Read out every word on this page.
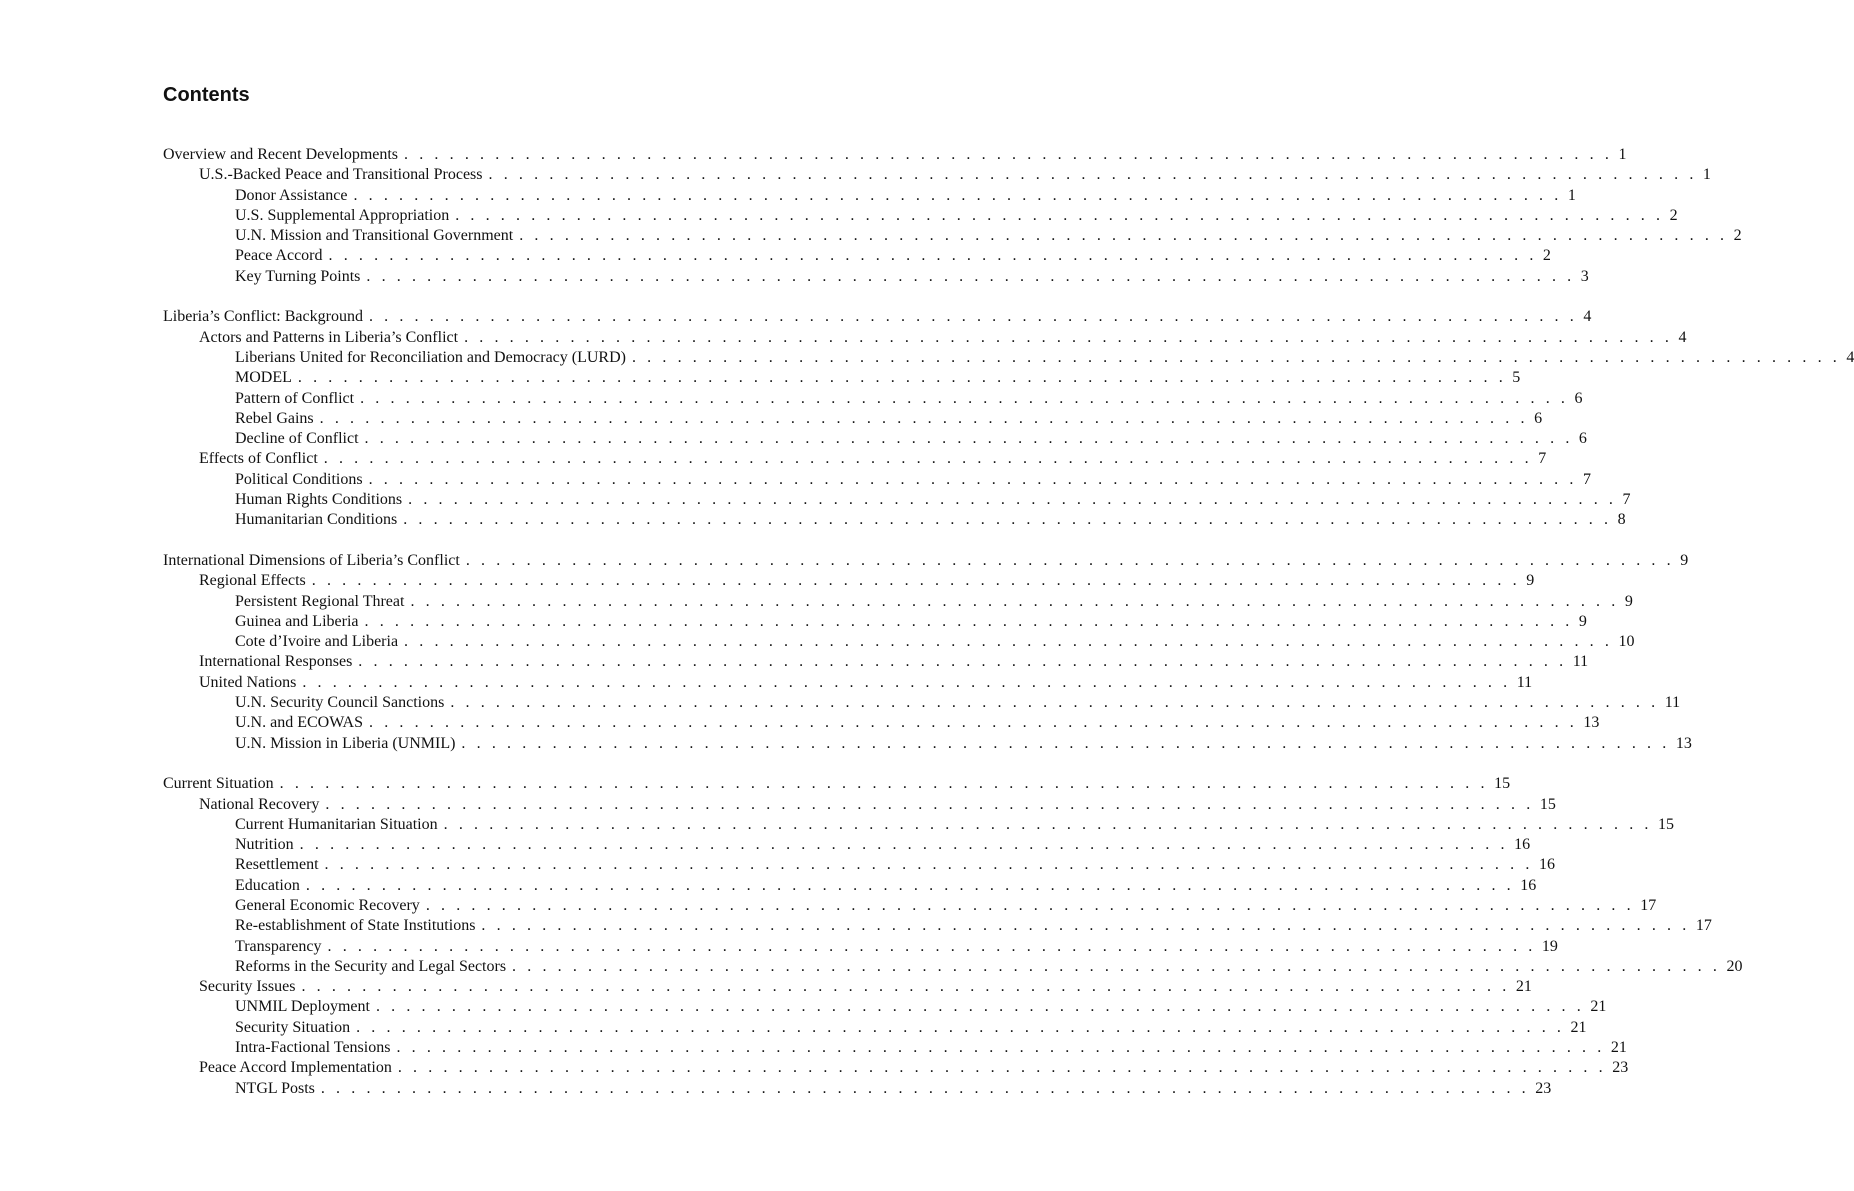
Contents
Overview and Recent Developments . . . . . . . . . . . . . . . . . . . . . . . . . . . . . . . . . . . . . . . . . . . . . . . . . . . . . . . . . . . . . . . . . . . . . . . . . . . . . . . . 1
U.S.-Backed Peace and Transitional Process . . . . . . . . . . . . . . . . . . . . . . . . . . . . . . . . . . . . . . . . . . . . . . . . . . . . . . . . . . . . . . . . . . . . . . . . . . . . . . . . 1
Donor Assistance . . . . . . . . . . . . . . . . . . . . . . . . . . . . . . . . . . . . . . . . . . . . . . . . . . . . . . . . . . . . . . . . . . . . . . . . . . . . . . . . 1
U.S. Supplemental Appropriation . . . . . . . . . . . . . . . . . . . . . . . . . . . . . . . . . . . . . . . . . . . . . . . . . . . . . . . . . . . . . . . . . . . . . . . . . . . . . . . . 2
U.N. Mission and Transitional Government . . . . . . . . . . . . . . . . . . . . . . . . . . . . . . . . . . . . . . . . . . . . . . . . . . . . . . . . . . . . . . . . . . . . . . . . . . . . . . . . 2
Peace Accord . . . . . . . . . . . . . . . . . . . . . . . . . . . . . . . . . . . . . . . . . . . . . . . . . . . . . . . . . . . . . . . . . . . . . . . . . . . . . . . . 2
Key Turning Points . . . . . . . . . . . . . . . . . . . . . . . . . . . . . . . . . . . . . . . . . . . . . . . . . . . . . . . . . . . . . . . . . . . . . . . . . . . . . . . . 3
Liberia’s Conflict: Background . . . . . . . . . . . . . . . . . . . . . . . . . . . . . . . . . . . . . . . . . . . . . . . . . . . . . . . . . . . . . . . . . . . . . . . . . . . . . . . . 4
Actors and Patterns in Liberia’s Conflict . . . . . . . . . . . . . . . . . . . . . . . . . . . . . . . . . . . . . . . . . . . . . . . . . . . . . . . . . . . . . . . . . . . . . . . . . . . . . . . . 4
Liberians United for Reconciliation and Democracy (LURD) . . . . . . . . . . . . . . . . . . . . . . . . . . . . . . . . . . . . . . . . . . . . . . . . . . . . . . . . . . . . . . . . . . . . . . . . . . . . . . . . 4
MODEL . . . . . . . . . . . . . . . . . . . . . . . . . . . . . . . . . . . . . . . . . . . . . . . . . . . . . . . . . . . . . . . . . . . . . . . . . . . . . . . . 5
Pattern of Conflict . . . . . . . . . . . . . . . . . . . . . . . . . . . . . . . . . . . . . . . . . . . . . . . . . . . . . . . . . . . . . . . . . . . . . . . . . . . . . . . . 6
Rebel Gains . . . . . . . . . . . . . . . . . . . . . . . . . . . . . . . . . . . . . . . . . . . . . . . . . . . . . . . . . . . . . . . . . . . . . . . . . . . . . . . . 6
Decline of Conflict . . . . . . . . . . . . . . . . . . . . . . . . . . . . . . . . . . . . . . . . . . . . . . . . . . . . . . . . . . . . . . . . . . . . . . . . . . . . . . . . 6
Effects of Conflict . . . . . . . . . . . . . . . . . . . . . . . . . . . . . . . . . . . . . . . . . . . . . . . . . . . . . . . . . . . . . . . . . . . . . . . . . . . . . . . . 7
Political Conditions . . . . . . . . . . . . . . . . . . . . . . . . . . . . . . . . . . . . . . . . . . . . . . . . . . . . . . . . . . . . . . . . . . . . . . . . . . . . . . . . 7
Human Rights Conditions . . . . . . . . . . . . . . . . . . . . . . . . . . . . . . . . . . . . . . . . . . . . . . . . . . . . . . . . . . . . . . . . . . . . . . . . . . . . . . . . 7
Humanitarian Conditions . . . . . . . . . . . . . . . . . . . . . . . . . . . . . . . . . . . . . . . . . . . . . . . . . . . . . . . . . . . . . . . . . . . . . . . . . . . . . . . . 8
International Dimensions of Liberia’s Conflict . . . . . . . . . . . . . . . . . . . . . . . . . . . . . . . . . . . . . . . . . . . . . . . . . . . . . . . . . . . . . . . . . . . . . . . . . . . . . . . . 9
Regional Effects . . . . . . . . . . . . . . . . . . . . . . . . . . . . . . . . . . . . . . . . . . . . . . . . . . . . . . . . . . . . . . . . . . . . . . . . . . . . . . . . 9
Persistent Regional Threat . . . . . . . . . . . . . . . . . . . . . . . . . . . . . . . . . . . . . . . . . . . . . . . . . . . . . . . . . . . . . . . . . . . . . . . . . . . . . . . . 9
Guinea and Liberia . . . . . . . . . . . . . . . . . . . . . . . . . . . . . . . . . . . . . . . . . . . . . . . . . . . . . . . . . . . . . . . . . . . . . . . . . . . . . . . . 9
Cote d’Ivoire and Liberia . . . . . . . . . . . . . . . . . . . . . . . . . . . . . . . . . . . . . . . . . . . . . . . . . . . . . . . . . . . . . . . . . . . . . . . . . . . . . . . . 10
International Responses . . . . . . . . . . . . . . . . . . . . . . . . . . . . . . . . . . . . . . . . . . . . . . . . . . . . . . . . . . . . . . . . . . . . . . . . . . . . . . . . 11
United Nations . . . . . . . . . . . . . . . . . . . . . . . . . . . . . . . . . . . . . . . . . . . . . . . . . . . . . . . . . . . . . . . . . . . . . . . . . . . . . . . . 11
U.N. Security Council Sanctions . . . . . . . . . . . . . . . . . . . . . . . . . . . . . . . . . . . . . . . . . . . . . . . . . . . . . . . . . . . . . . . . . . . . . . . . . . . . . . . . 11
U.N. and ECOWAS . . . . . . . . . . . . . . . . . . . . . . . . . . . . . . . . . . . . . . . . . . . . . . . . . . . . . . . . . . . . . . . . . . . . . . . . . . . . . . . . 13
U.N. Mission in Liberia (UNMIL) . . . . . . . . . . . . . . . . . . . . . . . . . . . . . . . . . . . . . . . . . . . . . . . . . . . . . . . . . . . . . . . . . . . . . . . . . . . . . . . . 13
Current Situation . . . . . . . . . . . . . . . . . . . . . . . . . . . . . . . . . . . . . . . . . . . . . . . . . . . . . . . . . . . . . . . . . . . . . . . . . . . . . . . . 15
National Recovery . . . . . . . . . . . . . . . . . . . . . . . . . . . . . . . . . . . . . . . . . . . . . . . . . . . . . . . . . . . . . . . . . . . . . . . . . . . . . . . . 15
Current Humanitarian Situation . . . . . . . . . . . . . . . . . . . . . . . . . . . . . . . . . . . . . . . . . . . . . . . . . . . . . . . . . . . . . . . . . . . . . . . . . . . . . . . . 15
Nutrition . . . . . . . . . . . . . . . . . . . . . . . . . . . . . . . . . . . . . . . . . . . . . . . . . . . . . . . . . . . . . . . . . . . . . . . . . . . . . . . . 16
Resettlement . . . . . . . . . . . . . . . . . . . . . . . . . . . . . . . . . . . . . . . . . . . . . . . . . . . . . . . . . . . . . . . . . . . . . . . . . . . . . . . . 16
Education . . . . . . . . . . . . . . . . . . . . . . . . . . . . . . . . . . . . . . . . . . . . . . . . . . . . . . . . . . . . . . . . . . . . . . . . . . . . . . . . 16
General Economic Recovery . . . . . . . . . . . . . . . . . . . . . . . . . . . . . . . . . . . . . . . . . . . . . . . . . . . . . . . . . . . . . . . . . . . . . . . . . . . . . . . . 17
Re-establishment of State Institutions . . . . . . . . . . . . . . . . . . . . . . . . . . . . . . . . . . . . . . . . . . . . . . . . . . . . . . . . . . . . . . . . . . . . . . . . . . . . . . . . 17
Transparency . . . . . . . . . . . . . . . . . . . . . . . . . . . . . . . . . . . . . . . . . . . . . . . . . . . . . . . . . . . . . . . . . . . . . . . . . . . . . . . . 19
Reforms in the Security and Legal Sectors . . . . . . . . . . . . . . . . . . . . . . . . . . . . . . . . . . . . . . . . . . . . . . . . . . . . . . . . . . . . . . . . . . . . . . . . . . . . . . . . 20
Security Issues . . . . . . . . . . . . . . . . . . . . . . . . . . . . . . . . . . . . . . . . . . . . . . . . . . . . . . . . . . . . . . . . . . . . . . . . . . . . . . . . 21
UNMIL Deployment . . . . . . . . . . . . . . . . . . . . . . . . . . . . . . . . . . . . . . . . . . . . . . . . . . . . . . . . . . . . . . . . . . . . . . . . . . . . . . . . 21
Security Situation . . . . . . . . . . . . . . . . . . . . . . . . . . . . . . . . . . . . . . . . . . . . . . . . . . . . . . . . . . . . . . . . . . . . . . . . . . . . . . . . 21
Intra-Factional Tensions . . . . . . . . . . . . . . . . . . . . . . . . . . . . . . . . . . . . . . . . . . . . . . . . . . . . . . . . . . . . . . . . . . . . . . . . . . . . . . . . 21
Peace Accord Implementation . . . . . . . . . . . . . . . . . . . . . . . . . . . . . . . . . . . . . . . . . . . . . . . . . . . . . . . . . . . . . . . . . . . . . . . . . . . . . . . . 23
NTGL Posts . . . . . . . . . . . . . . . . . . . . . . . . . . . . . . . . . . . . . . . . . . . . . . . . . . . . . . . . . . . . . . . . . . . . . . . . . . . . . . . . 23
